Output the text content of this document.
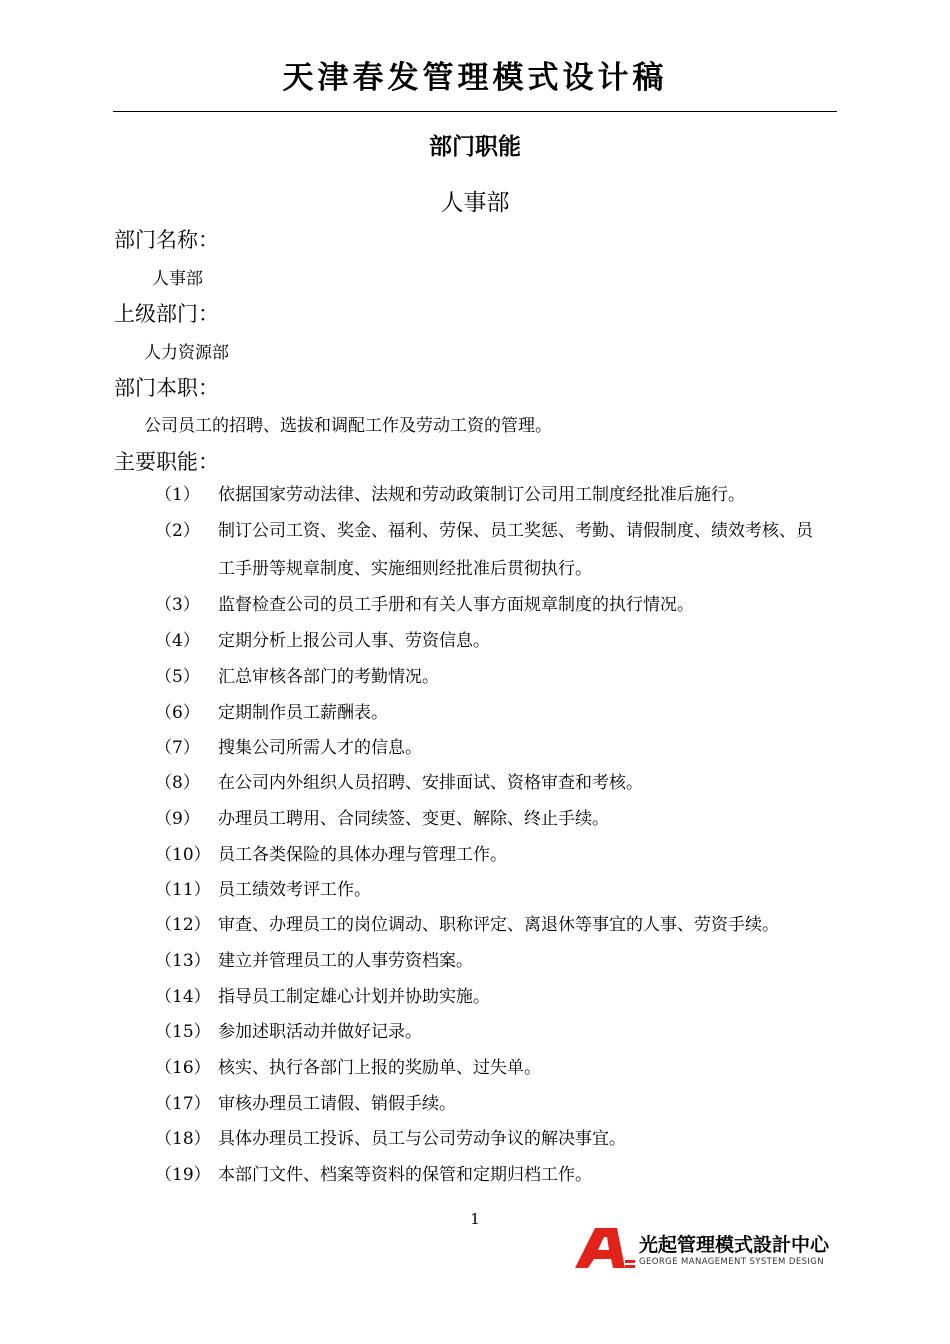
天津春发管理模式设计稿
部门职能
人事部
部门名称：
人事部
上级部门：
人力资源部
部门本职：
公司员工的招聘、选拔和调配工作及劳动工资的管理。
主要职能：
（1） 依据国家劳动法律、法规和劳动政策制订公司用工制度经批准后施行。
（2） 制订公司工资、奖金、福利、劳保、员工奖惩、考勤、请假制度、绩效考核、员
工手册等规章制度、实施细则经批准后贯彻执行。
（3） 监督检查公司的员工手册和有关人事方面规章制度的执行情况。
（4） 定期分析上报公司人事、劳资信息。
（5） 汇总审核各部门的考勤情况。
（6） 定期制作员工薪酬表。
（7） 搜集公司所需人才的信息。
（8） 在公司内外组织人员招聘、安排面试、资格审查和考核。
（9） 办理员工聘用、合同续签、变更、解除、终止手续。
（10） 员工各类保险的具体办理与管理工作。
（11） 员工绩效考评工作。
（12） 审查、办理员工的岗位调动、职称评定、离退休等事宜的人事、劳资手续。
（13） 建立并管理员工的人事劳资档案。
（14） 指导员工制定雄心计划并协助实施。
（15） 参加述职活动并做好记录。
（16） 核实、执行各部门上报的奖励单、过失单。
（17） 审核办理员工请假、销假手续。
（18） 具体办理员工投诉、员工与公司劳动争议的解决事宜。
（19） 本部门文件、档案等资料的保管和定期归档工作。
1
光起管理模式設計中心
GEORGE MANAGEMENT SYSTEM DESIGN
